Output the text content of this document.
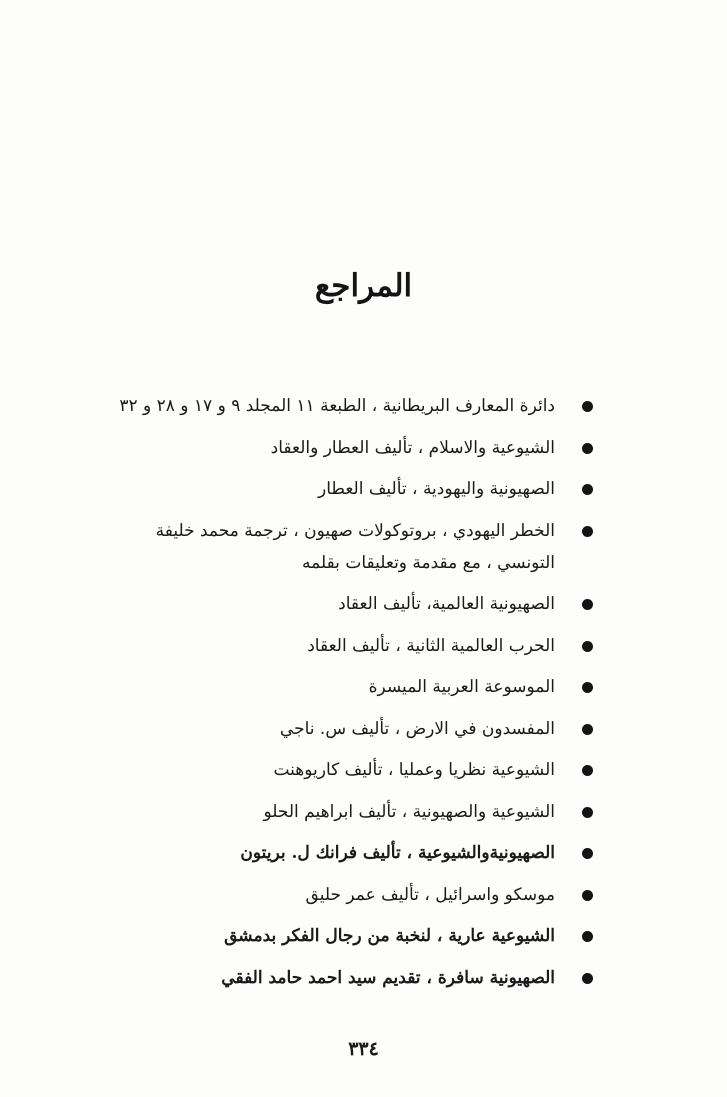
المراجع
دائرة المعارف البريطانية ، الطبعة ١١ المجلد ٩ و ١٧ و ٢٨ و ٣٢
الشيوعية والاسلام ، تأليف العطار والعقاد
الصهيونية واليهودية ، تأليف العطار
الخطر اليهودي ، بروتوكولات صهيون ، ترجمة محمد خليفة التونسي ، مع مقدمة وتعليقات بقلمه
الصهيونية العالمية، تأليف العقاد
الحرب العالمية الثانية ، تأليف العقاد
الموسوعة العربية الميسرة
المفسدون في الارض ، تأليف س. ناجي
الشيوعية نظريا وعمليا ، تأليف كاريوهنت
الشيوعية والصهيونية ، تأليف ابراهيم الحلو
الصهيونيةوالشيوعية ، تأليف فرانك ل. بريتون
موسكو واسرائيل ، تأليف عمر حليق
الشيوعية عارية ، لنخبة من رجال الفكر بدمشق
الصهيونية سافرة ، تقديم سيد احمد حامد الفقي
٣٣٤
